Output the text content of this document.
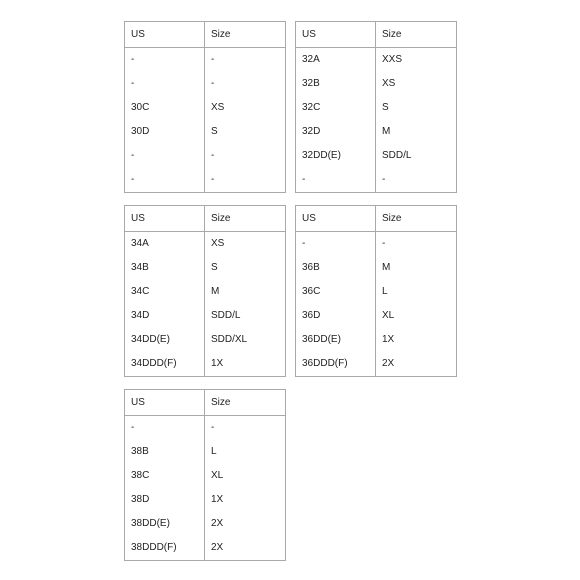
US	Size
-	-
-	-
30C	XS
30D	S
-	-
-	-
US	Size
32A	XXS
32B	XS
32C	S
32D	M
32DD(E)	SDD/L
-	-
US	Size
34A	XS
34B	S
34C	M
34D	SDD/L
34DD(E)	SDD/XL
34DDD(F)	1X
US	Size
-	-
36B	M
36C	L
36D	XL
36DD(E)	1X
36DDD(F)	2X
US	Size
-	-
38B	L
38C	XL
38D	1X
38DD(E)	2X
38DDD(F)	2X
